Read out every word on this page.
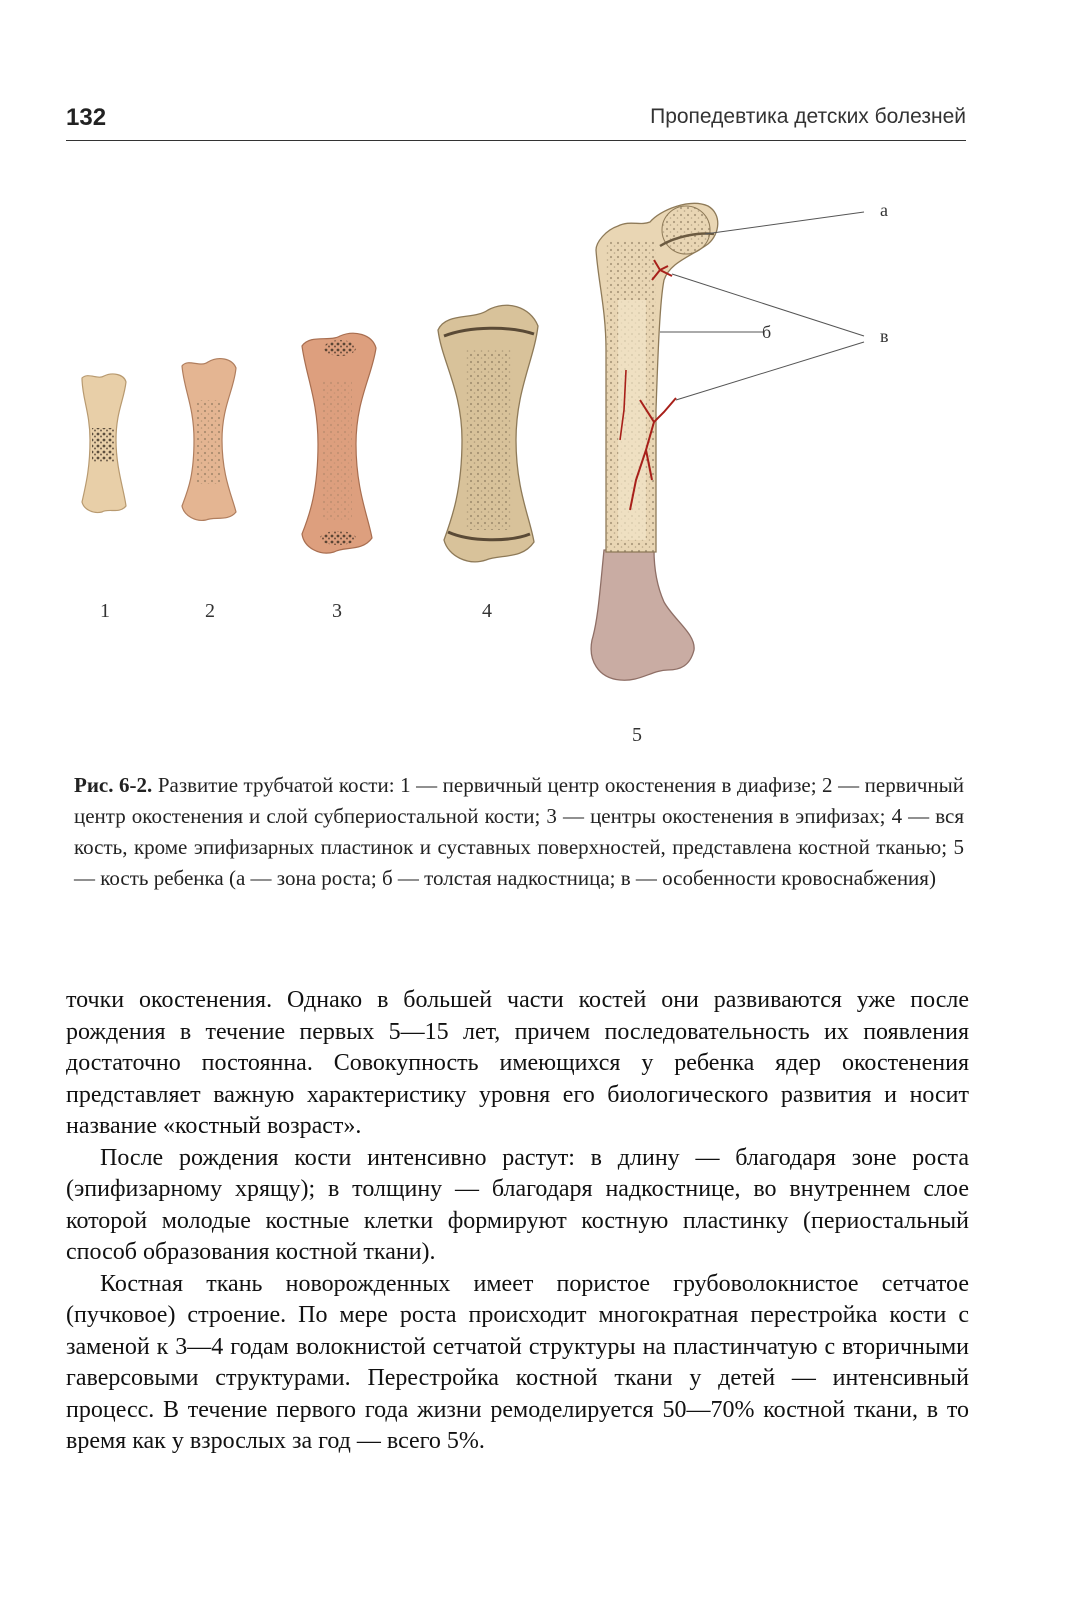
132	Пропедевтика детских болезней
а
б	в
1	2	3	4
5
Рис. 6-2. Развитие трубчатой кости: 1 — первичный центр окостенения в диафизе; 2 — первичный центр окостенения и слой субпериостальной кости; 3 — центры окостенения в эпифизах; 4 — вся кость, кроме эпифизарных пластинок и суставных поверхностей, представлена костной тканью; 5 — кость ребенка (а — зона роста; б — толстая надкостница; в — особенности кровоснабжения)

точки окостенения. Однако в большей части костей они развиваются уже после рождения в течение первых 5—15 лет, причем последовательность их появления достаточно постоянна. Совокупность имеющихся у ребенка ядер окостенения представляет важную характеристику уровня его биологического развития и носит название «костный возраст».

После рождения кости интенсивно растут: в длину — благодаря зоне роста (эпифизарному хрящу); в толщину — благодаря надкостнице, во внутреннем слое которой молодые костные клетки формируют костную пластинку (периостальный способ образования костной ткани).

Костная ткань новорожденных имеет пористое грубоволокнистое сетчатое (пучковое) строение. По мере роста происходит многократная перестройка кости с заменой к 3—4 годам волокнистой сетчатой структуры на пластинчатую с вторичными гаверсовыми структурами. Перестройка костной ткани у детей — интенсивный процесс. В течение первого года жизни ремоделируется 50—70% костной ткани, в то время как у взрослых за год — всего 5%.
